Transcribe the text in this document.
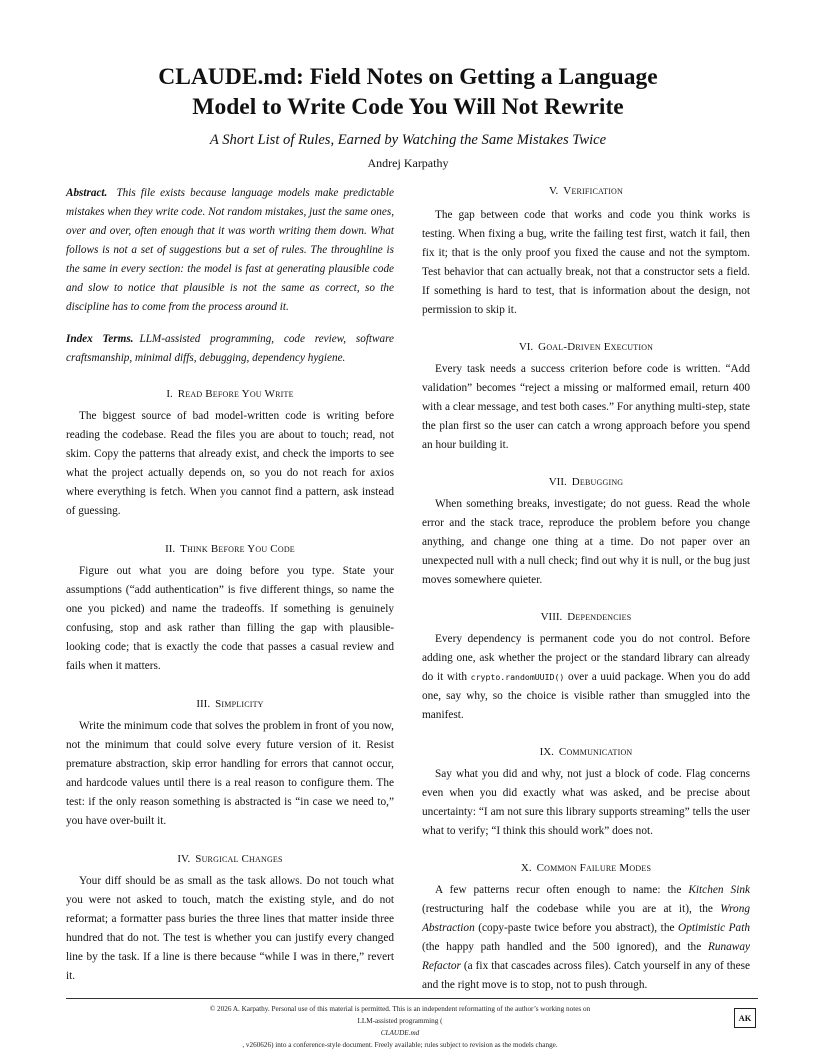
CLAUDE.md: Field Notes on Getting a Language
Model to Write Code You Will Not Rewrite
A Short List of Rules, Earned by Watching the Same Mistakes Twice
Andrej Karpathy

Abstract. This file exists because language models make predictable mistakes when they write code. Not random mistakes, just the same ones, over and over, often enough that it was worth writing them down. What follows is not a set of suggestions but a set of rules. The throughline is the same in every section: the model is fast at generating plausible code and slow to notice that plausible is not the same as correct, so the discipline has to come from the process around it.

Index Terms. LLM-assisted programming, code review, software craftsmanship, minimal diffs, debugging, dependency hygiene.

I. Read Before You Write

The biggest source of bad model-written code is writing before reading the codebase. Read the files you are about to touch; read, not skim. Copy the patterns that already exist, and check the imports to see what the project actually depends on, so you do not reach for axios where everything is fetch. When you cannot find a pattern, ask instead of guessing.

II. Think Before You Code

Figure out what you are doing before you type. State your assumptions (“add authentication” is five different things, so name the one you picked) and name the tradeoffs. If something is genuinely confusing, stop and ask rather than filling the gap with plausible-looking code; that is exactly the code that passes a casual review and fails when it matters.

III. Simplicity

Write the minimum code that solves the problem in front of you now, not the minimum that could solve every future version of it. Resist premature abstraction, skip error handling for errors that cannot occur, and hardcode values until there is a real reason to configure them. The test: if the only reason something is abstracted is “in case we need to,” you have over-built it.

IV. Surgical Changes

Your diff should be as small as the task allows. Do not touch what you were not asked to touch, match the existing style, and do not reformat; a formatter pass buries the three lines that matter inside three hundred that do not. The test is whether you can justify every changed line by the task. If a line is there because “while I was in there,” revert it.

V. Verification

The gap between code that works and code you think works is testing. When fixing a bug, write the failing test first, watch it fail, then fix it; that is the only proof you fixed the cause and not the symptom. Test behavior that can actually break, not that a constructor sets a field. If something is hard to test, that is information about the design, not permission to skip it.

VI. Goal-Driven Execution

Every task needs a success criterion before code is written. “Add validation” becomes “reject a missing or malformed email, return 400 with a clear message, and test both cases.” For anything multi-step, state the plan first so the user can catch a wrong approach before you spend an hour building it.

VII. Debugging

When something breaks, investigate; do not guess. Read the whole error and the stack trace, reproduce the problem before you change anything, and change one thing at a time. Do not paper over an unexpected null with a null check; find out why it is null, or the bug just moves somewhere quieter.

VIII. Dependencies

Every dependency is permanent code you do not control. Before adding one, ask whether the project or the standard library can already do it with crypto.randomUUID() over a uuid package. When you do add one, say why, so the choice is visible rather than smuggled into the manifest.

IX. Communication

Say what you did and why, not just a block of code. Flag concerns even when you did exactly what was asked, and be precise about uncertainty: “I am not sure this library supports streaming” tells the user what to verify; “I think this should work” does not.

X. Common Failure Modes

A few patterns recur often enough to name: the Kitchen Sink (restructuring half the codebase while you are at it), the Wrong Abstraction (copy-paste twice before you abstract), the Optimistic Path (the happy path handled and the 500 ignored), and the Runaway Refactor (a fix that cascades across files). Catch yourself in any of these and the right move is to stop, not to push through.

© 2026 A. Karpathy. Personal use of this material is permitted. This is an independent reformatting of the author’s working notes on
LLM-assisted programming (
CLAUDE.md
, v260626) into a conference-style document. Freely available; rules subject to revision as the models change.
AK
